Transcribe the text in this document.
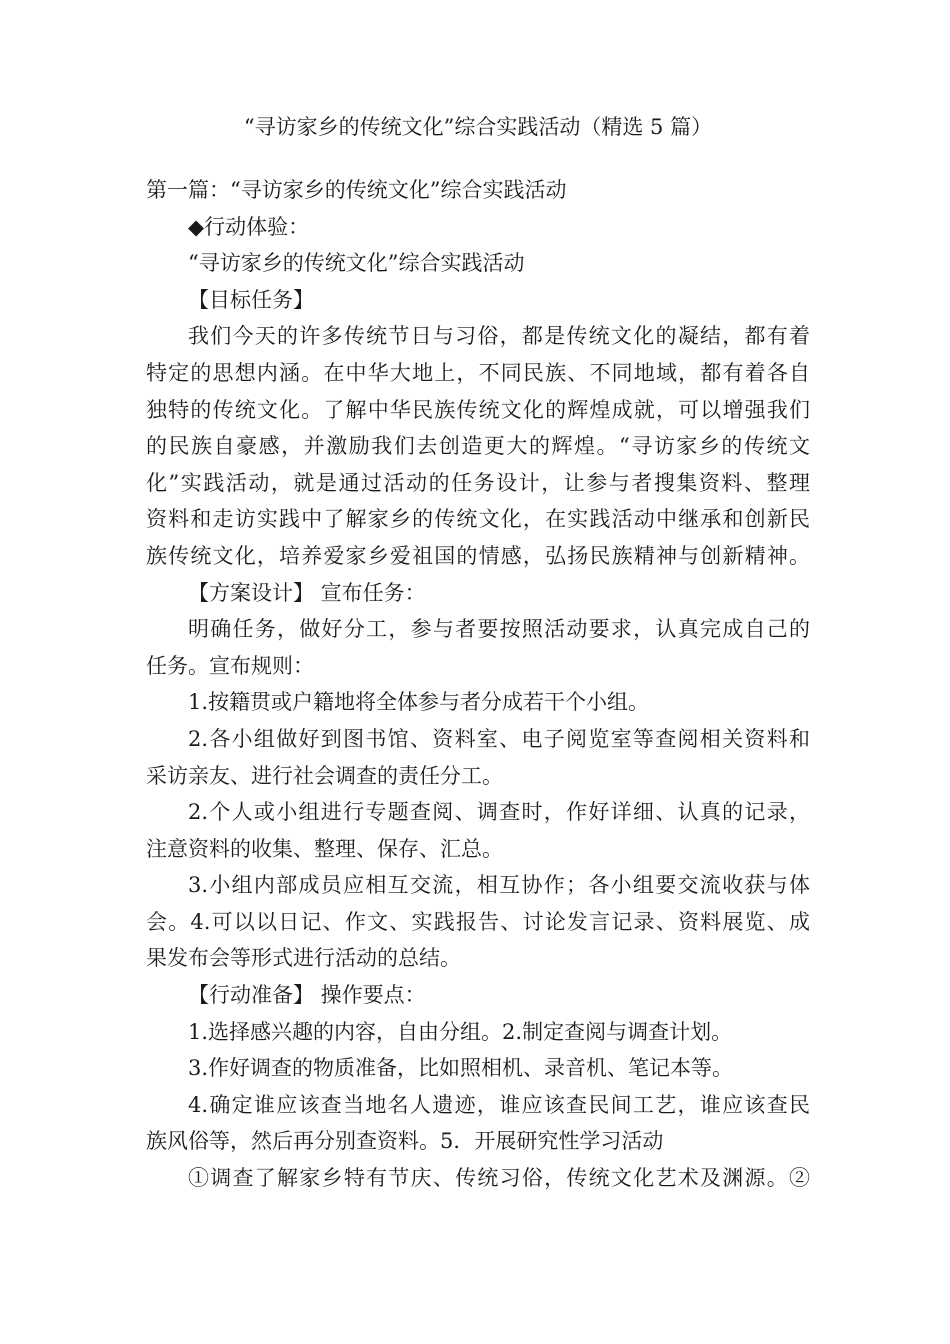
“寻访家乡的传统文化”综合实践活动（精选 5 篇）
第一篇：“寻访家乡的传统文化”综合实践活动
◆行动体验：
“寻访家乡的传统文化”综合实践活动
【目标任务】
我们今天的许多传统节日与习俗，都是传统文化的凝结，都有着
特定的思想内涵。在中华大地上，不同民族、不同地域，都有着各自
独特的传统文化。了解中华民族传统文化的辉煌成就，可以增强我们
的民族自豪感，并激励我们去创造更大的辉煌。“寻访家乡的传统文
化”实践活动，就是通过活动的任务设计，让参与者搜集资料、整理
资料和走访实践中了解家乡的传统文化，在实践活动中继承和创新民
族传统文化，培养爱家乡爱祖国的情感，弘扬民族精神与创新精神。
【方案设计】 宣布任务：
明确任务，做好分工，参与者要按照活动要求，认真完成自己的
任务。宣布规则：
1.按籍贯或户籍地将全体参与者分成若干个小组。
2.各小组做好到图书馆、资料室、电子阅览室等查阅相关资料和
采访亲友、进行社会调查的责任分工。
2.个人或小组进行专题查阅、调查时，作好详细、认真的记录，
注意资料的收集、整理、保存、汇总。
3.小组内部成员应相互交流，相互协作；各小组要交流收获与体
会。4.可以以日记、作文、实践报告、讨论发言记录、资料展览、成
果发布会等形式进行活动的总结。
【行动准备】 操作要点：
1.选择感兴趣的内容，自由分组。2.制定查阅与调查计划。
3.作好调查的物质准备，比如照相机、录音机、笔记本等。
4.确定谁应该查当地名人遗迹，谁应该查民间工艺，谁应该查民
族风俗等，然后再分别查资料。5．开展研究性学习活动
①调查了解家乡特有节庆、传统习俗，传统文化艺术及渊源。②
